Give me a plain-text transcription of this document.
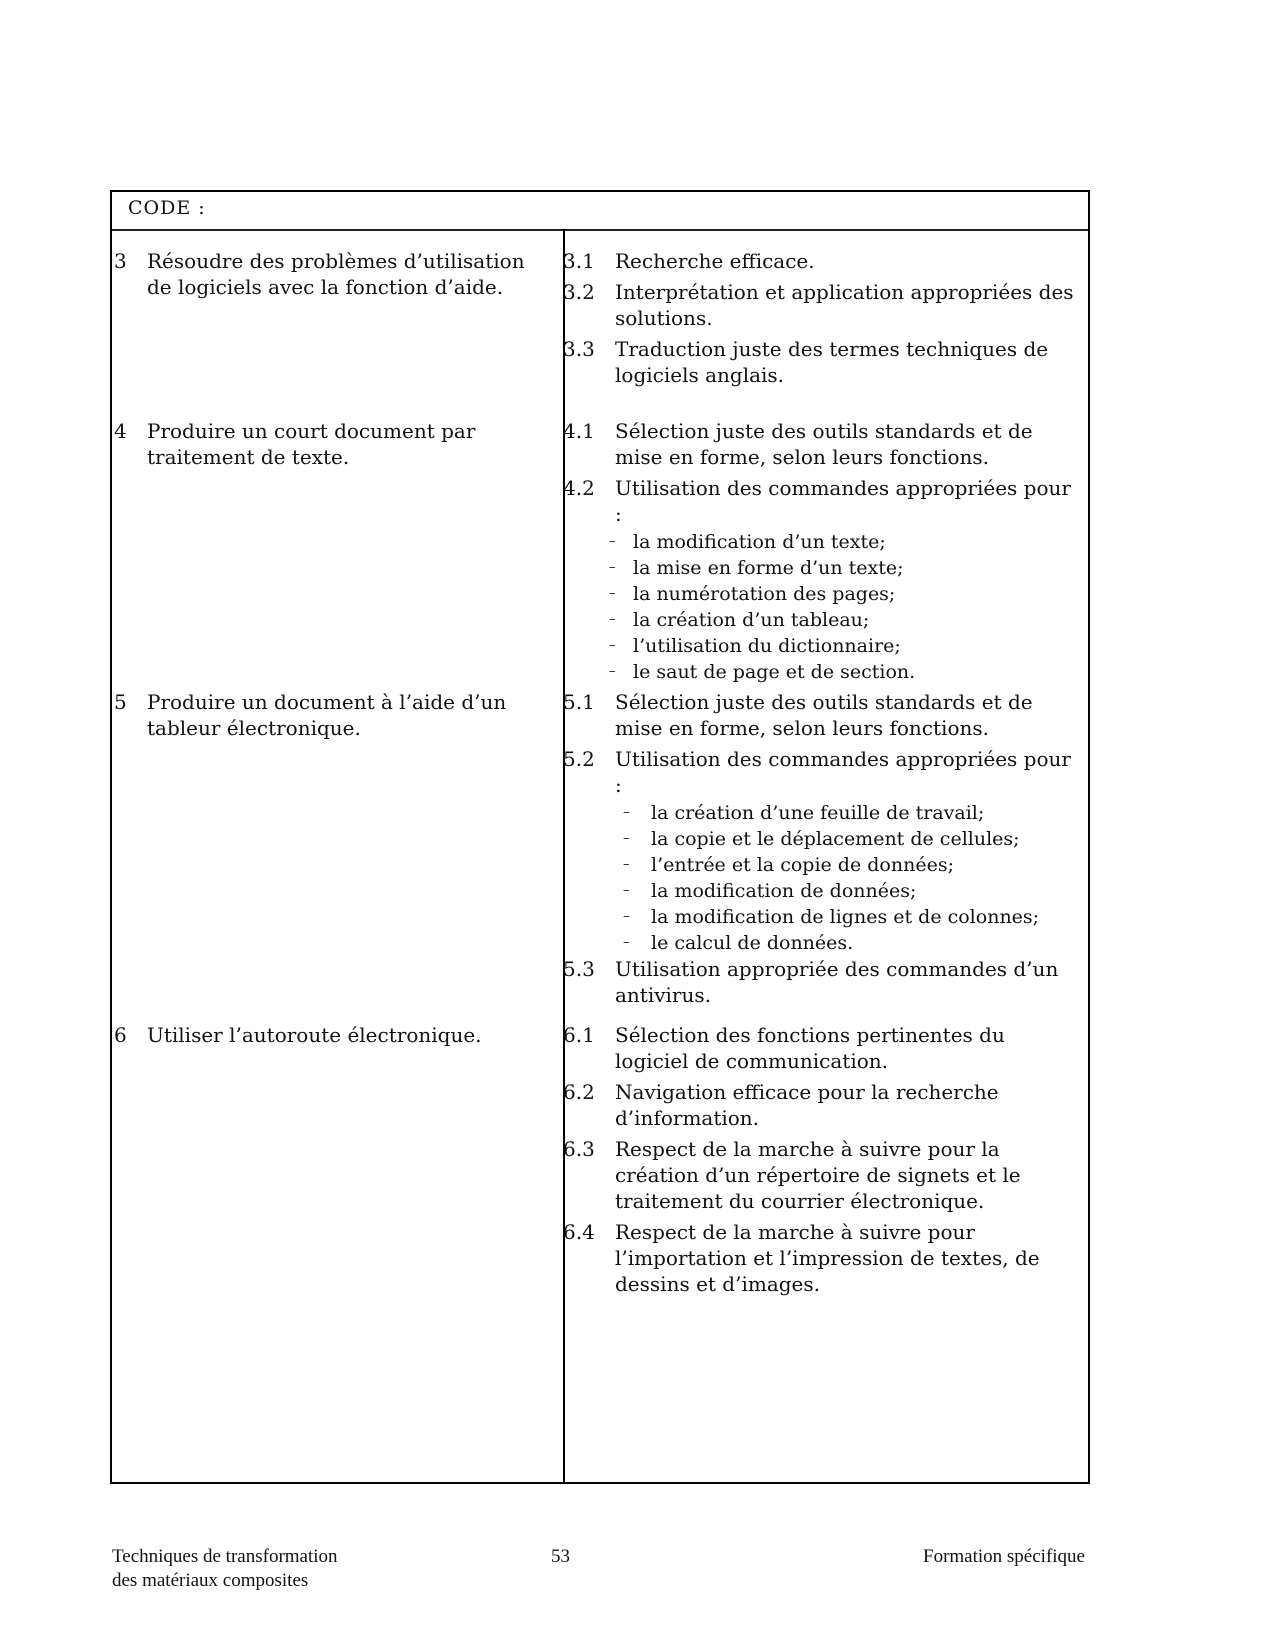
CODE :
3 Résoudre des problèmes d’utilisation de logiciels avec la fonction d’aide.
3.1 Recherche efficace.
3.2 Interprétation et application appropriées des solutions.
3.3 Traduction juste des termes techniques de logiciels anglais.
4 Produire un court document par traitement de texte.
4.1 Sélection juste des outils standards et de mise en forme, selon leurs fonctions.
4.2 Utilisation des commandes appropriées pour :
– la modification d’un texte;
– la mise en forme d’un texte;
– la numérotation des pages;
– la création d’un tableau;
– l’utilisation du dictionnaire;
– le saut de page et de section.
5 Produire un document à l’aide d’un tableur électronique.
5.1 Sélection juste des outils standards et de mise en forme, selon leurs fonctions.
5.2 Utilisation des commandes appropriées pour :
– la création d’une feuille de travail;
– la copie et le déplacement de cellules;
– l’entrée et la copie de données;
– la modification de données;
– la modification de lignes et de colonnes;
– le calcul de données.
5.3 Utilisation appropriée des commandes d’un antivirus.
6 Utiliser l’autoroute électronique.	6.1 Sélection des fonctions pertinentes du logiciel de communication.
6.2 Navigation efficace pour la recherche d’information.
6.3 Respect de la marche à suivre pour la création d’un répertoire de signets et le traitement du courrier électronique.
6.4 Respect de la marche à suivre pour l’importation et l’impression de textes, de dessins et d’images.
Techniques de transformation
des matériaux composites
53	Formation spécifique
